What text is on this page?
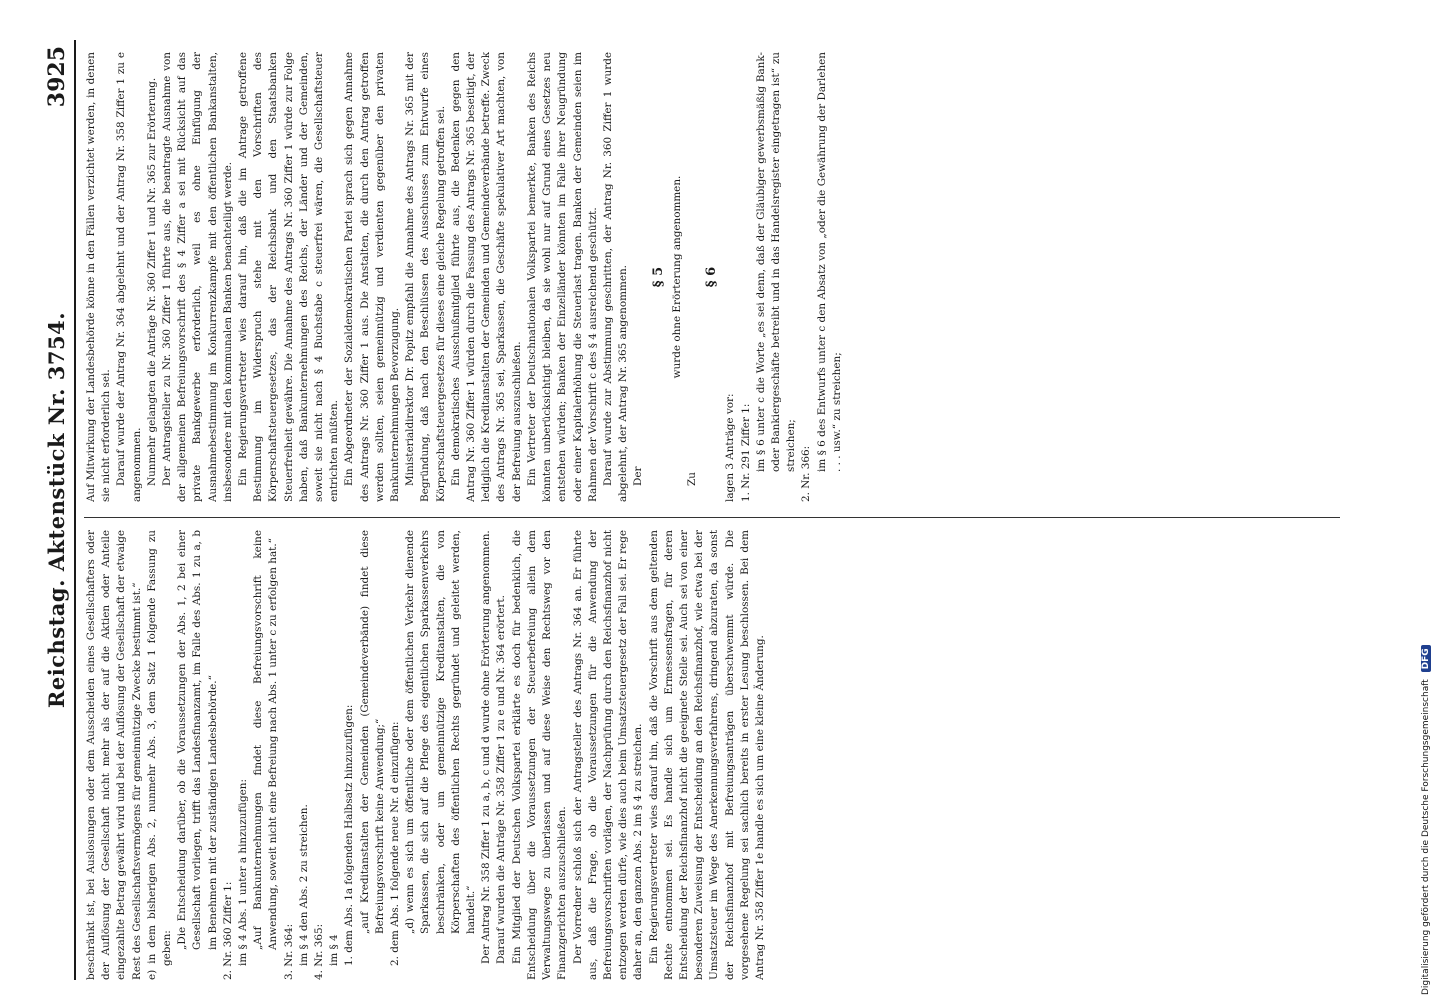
Reichstag. Aktenstück Nr. 3754.
3925

beschränkt ist, bei Auslosungen oder dem Ausscheiden eines Gesellschafters oder der Auflösung der Gesellschaft nicht mehr als der auf die Aktien oder Anteile eingezahlte Betrag gewährt wird und bei der Auflösung der Gesellschaft der etwaige Rest des Gesellschaftsvermögens für gemeinnützige Zwecke bestimmt ist.“ e) in dem bisherigen Abs. 2, nunmehr Abs. 3, dem Satz 1 folgende Fassung zu geben: „Die Entscheidung darüber, ob die Voraussetzungen der Abs. 1, 2 bei einer Gesellschaft vorliegen, trifft das Landesfinanzamt, im Falle des Abs. 1 zu a, b im Benehmen mit der zuständigen Landesbehörde.“ 2. Nr. 360 Ziffer 1: im § 4 Abs. 1 unter a hinzuzufügen: „Auf Bankunternehmungen findet diese Befreiungsvorschrift keine Anwendung, soweit nicht eine Befreiung nach Abs. 1 unter c zu erfolgen hat.“

3. Nr. 364: im § 4 den Abs. 2 zu streichen. 4. Nr. 365: im § 4 1. dem Abs. 1a folgenden Halbsatz hinzuzufügen: „auf Kreditanstalten der Gemeinden (Gemeindeverbände) findet diese Befreiungsvorschrift keine Anwendung;“ 2. dem Abs. 1 folgende neue Nr. d einzufügen: „d) wenn es sich um öffentliche oder dem öffentlichen Verkehr dienende Sparkassen, die sich auf die Pflege des eigentlichen Sparkassenverkehrs beschränken, oder um gemeinnützige Kreditanstalten, die von Körperschaften des öffentlichen Rechts gegründet und geleitet werden, handelt.“ Der Antrag Nr. 358 Ziffer 1 zu a, b, c und d wurde ohne Erörterung angenommen. Darauf wurden die Anträge Nr. 358 Ziffer 1 zu e und Nr. 364 erörtert. Ein Mitglied der Deutschen Volkspartei erklärte es doch für bedenklich, die Entscheidung über die Voraussetzungen der Steuerbefreiung allein dem Verwaltungswege zu überlassen und auf diese Weise den Rechtsweg vor den Finanzgerichten auszuschließen. Der Vorredner schloß sich der Antragsteller des Antrags Nr. 364 an. Er führte aus, daß die Frage, ob die Voraussetzungen für die Anwendung der Befreiungsvorschriften vorlägen, der Nachprüfung durch den Reichsfinanzhof nicht entzogen werden dürfe, wie dies auch beim Umsatzsteuergesetz der Fall sei. Er rege daher an, den ganzen Abs. 2 im § 4 zu streichen. Ein Regierungsvertreter wies darauf hin, daß die Vorschrift aus dem geltenden Rechte entnommen sei. Es handle sich um Ermessensfragen, für deren Entscheidung der Reichsfinanzhof nicht die geeignete Stelle sei. Auch sei von einer besonderen Zuweisung der Entscheidung an den Reichsfinanzhof, wie etwa bei der Umsatzsteuer im Wege des Anerkennungsverfahrens, dringend abzuraten, da sonst der Reichsfinanzhof mit Befreiungsanträgen überschwemmt würde. Die vorgesehene Regelung sei sachlich bereits in erster Lesung beschlossen. Bei dem Antrag Nr. 358 Ziffer 1e handle es sich um eine kleine Änderung.

Auf Mitwirkung der Landesbehörde könne in den Fällen verzichtet werden, in denen sie nicht erforderlich sei. Darauf wurde der Antrag Nr. 364 abgelehnt und der Antrag Nr. 358 Ziffer 1 zu e angenommen. Nunmehr gelangten die Anträge Nr. 360 Ziffer 1 und Nr. 365 zur Erörterung. Der Antragsteller zu Nr. 360 Ziffer 1 führte aus, die beantragte Ausnahme von der allgemeinen Befreiungsvorschrift des § 4 Ziffer a sei mit Rücksicht auf das private Bankgewerbe erforderlich, weil es ohne Einfügung der Ausnahmebestimmung im Konkurrenzkampfe mit den öffentlichen Bankanstalten, insbesondere mit den kommunalen Banken benachteiligt werde. Ein Regierungsvertreter wies darauf hin, daß die im Antrage getroffene Bestimmung im Widerspruch stehe mit den Vorschriften des Körperschaftsteuergesetzes, das der Reichsbank und den Staatsbanken Steuerfreiheit gewähre. Die Annahme des Antrags Nr. 360 Ziffer 1 würde zur Folge haben, daß Bankunternehmungen des Reichs, der Länder und der Gemeinden, soweit sie nicht nach § 4 Buchstabe c steuerfrei wären, die Gesellschaftsteuer entrichten müßten. Ein Abgeordneter der Sozialdemokratischen Partei sprach sich gegen Annahme des Antrags Nr. 360 Ziffer 1 aus. Die Anstalten, die durch den Antrag getroffen werden sollten, seien gemeinnützig und verdienten gegenüber den privaten Bankunternehmungen Bevorzugung. Ministerialdirektor Dr. Popitz empfahl die Annahme des Antrags Nr. 365 mit der Begründung, daß nach den Beschlüssen des Ausschusses zum Entwurfe eines Körperschaftsteuergesetzes für dieses eine gleiche Regelung getroffen sei. Ein demokratisches Ausschußmitglied führte aus, die Bedenken gegen den Antrag Nr. 360 Ziffer 1 würden durch die Fassung des Antrags Nr. 365 beseitigt, der lediglich die Kreditanstalten der Gemeinden und Gemeindeverbände betreffe. Zweck des Antrags Nr. 365 sei, Sparkassen, die Geschäfte spekulativer Art machten, von der Befreiung auszuschließen. Ein Vertreter der Deutschnationalen Volkspartei bemerkte, Banken des Reichs könnten unberücksichtigt bleiben, da sie wohl nur auf Grund eines Gesetzes neu entstehen würden; Banken der Einzelländer könnten im Falle ihrer Neugründung oder einer Kapitalerhöhung die Steuerlast tragen. Banken der Gemeinden seien im Rahmen der Vorschrift c des § 4 ausreichend geschützt. Darauf wurde zur Abstimmung geschritten, der Antrag Nr. 360 Ziffer 1 wurde abgelehnt, der Antrag Nr. 365 angenommen. Der

§ 5 wurde ohne Erörterung angenommen.

Zu

§ 6

lagen 3 Anträge vor: 1. Nr. 291 Ziffer 1: im § 6 unter c die Worte „es sei denn, daß der Gläubiger gewerbsmäßig Bank- oder Bankiergeschäfte betreibt und in das Handelsregister eingetragen ist“ zu streichen;

2. Nr. 366:

im § 6 des Entwurfs unter c den Absatz von „oder die Gewährung der Darlehen . . . usw.“ zu streichen;

Digitalisierung gefördert durch die Deutsche Forschungsgemeinschaft DFG
